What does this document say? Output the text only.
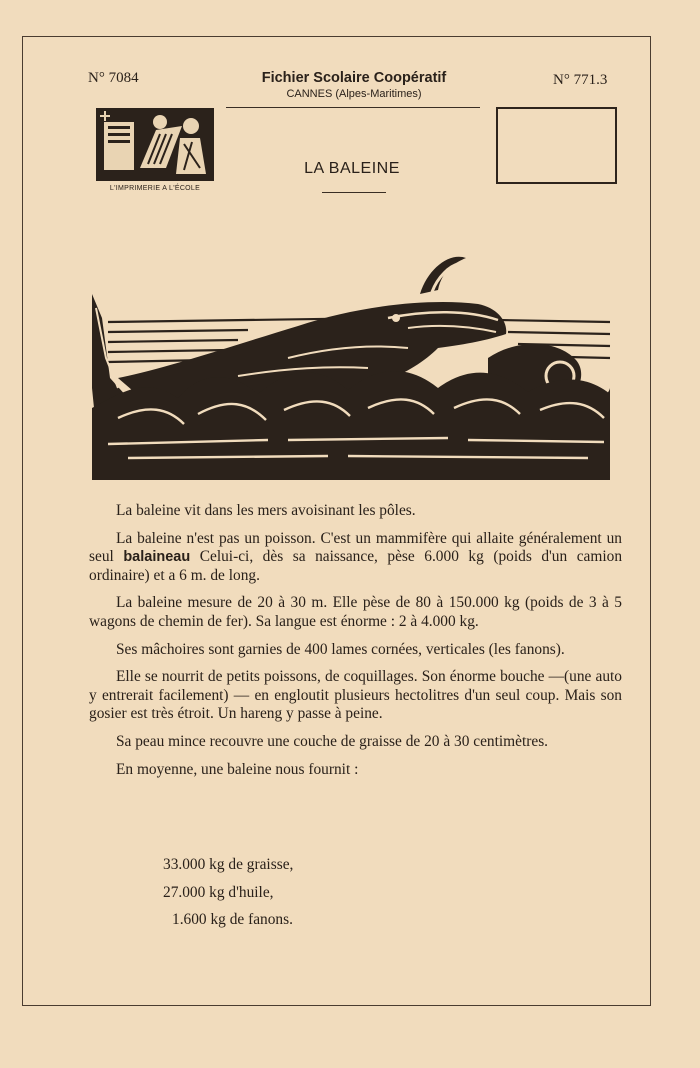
N° 7084	Fichier Scolaire Coopératif
CANNES (Alpes-Maritimes)
N° 771.3
L'IMPRIMERIE A L'ÉCOLE
LA BALEINE

La baleine vit dans les mers avoisinant les pôles.

La baleine n'est pas un poisson. C'est un mammifère qui allaite généralement un seul balaineau Celui-ci, dès sa naissance, pèse 6.000 kg (poids d'un camion ordinaire) et a 6 m. de long.

La baleine mesure de 20 à 30 m. Elle pèse de 80 à 150.000 kg (poids de 3 à 5 wagons de chemin de fer). Sa langue est énorme : 2 à 4.000 kg.

Ses mâchoires sont garnies de 400 lames cornées, verticales (les fanons).

Elle se nourrit de petits poissons, de coquillages. Son énorme bouche —(une auto y entrerait facilement) — en engloutit plusieurs hectolitres d'un seul coup. Mais son gosier est très étroit. Un hareng y passe à peine.

Sa peau mince recouvre une couche de graisse de 20 à 30 centimètres.

En moyenne, une baleine nous fournit :

33.000 kg de graisse,
27.000 kg d'huile,
1.600 kg de fanons.
